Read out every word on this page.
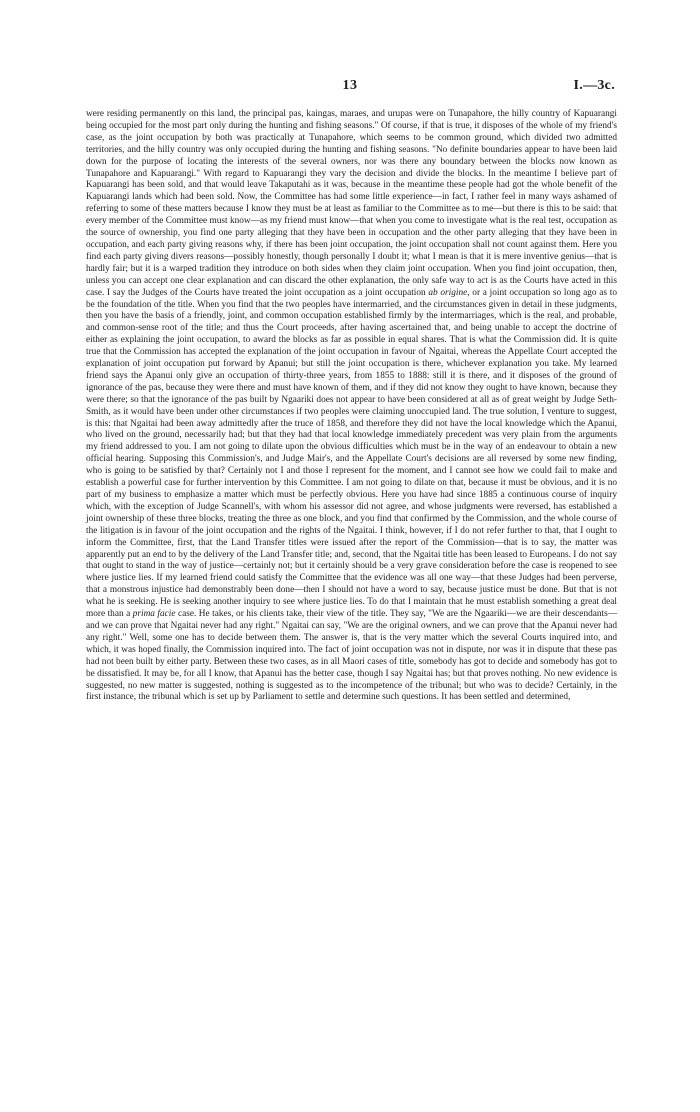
13	I.—3c.

were residing permanently on this land, the principal pas, kaingas, maraes, and urupas were on Tunapahore, the hilly country of Kapuarangi being occupied for the most part only during the hunting and fishing seasons." Of course, if that is true, it disposes of the whole of my friend's case, as the joint occupation by both was practically at Tunapahore, which seems to be common ground, which divided two admitted territories, and the hilly country was only occupied during the hunting and fishing seasons. "No definite boundaries appear to have been laid down for the purpose of locating the interests of the several owners, nor was there any boundary between the blocks now known as Tunapahore and Kapuarangi." With regard to Kapuarangi they vary the decision and divide the blocks. In the meantime I believe part of Kapuarangi has been sold, and that would leave Takaputahi as it was, because in the meantime these people had got the whole benefit of the Kapuarangi lands which had been sold. Now, the Committee has had some little experience—in fact, I rather feel in many ways ashamed of referring to some of these matters because I know they must be at least as familiar to the Committee as to me—but there is this to be said: that every member of the Committee must know—as my friend must know—that when you come to investigate what is the real test, occupation as the source of ownership, you find one party alleging that they have been in occupation and the other party alleging that they have been in occupation, and each party giving reasons why, if there has been joint occupation, the joint occupation shall not count against them. Here you find each party giving divers reasons—possibly honestly, though personally I doubt it; what I mean is that it is mere inventive genius—that is hardly fair; but it is a warped tradition they introduce on both sides when they claim joint occupation. When you find joint occupation, then, unless you can accept one clear explanation and can discard the other explanation, the only safe way to act is as the Courts have acted in this case. I say the Judges of the Courts have treated the joint occupation as a joint occupation ab origine, or a joint occupation so long ago as to be the foundation of the title. When you find that the two peoples have intermarried, and the circumstances given in detail in these judgments, then you have the basis of a friendly, joint, and common occupation established firmly by the intermarriages, which is the real, and probable, and common-sense root of the title; and thus the Court proceeds, after having ascertained that, and being unable to accept the doctrine of either as explaining the joint occupation, to award the blocks as far as possible in equal shares. That is what the Commission did. It is quite true that the Commission has accepted the explanation of the joint occupation in favour of Ngaitai, whereas the Appellate Court accepted the explanation of joint occupation put forward by Apanui; but still the joint occupation is there, whichever explanation you take. My learned friend says the Apanui only give an occupation of thirty-three years, from 1855 to 1888: still it is there, and it disposes of the ground of ignorance of the pas, because they were there and must have known of them, and if they did not know they ought to have known, because they were there; so that the ignorance of the pas built by Ngaariki does not appear to have been considered at all as of great weight by Judge Seth-Smith, as it would have been under other circumstances if two peoples were claiming unoccupied land. The true solution, I venture to suggest, is this: that Ngaitai had been away admittedly after the truce of 1858, and therefore they did not have the local knowledge which the Apanui, who lived on the ground, necessarily had; but that they had that local knowledge immediately precedent was very plain from the arguments my friend addressed to you. I am not going to dilate upon the obvious difficulties which must be in the way of an endeavour to obtain a new official hearing. Supposing this Commission's, and Judge Mair's, and the Appellate Court's decisions are all reversed by some new finding, who is going to be satisfied by that? Certainly not I and those I represent for the moment, and I cannot see how we could fail to make and establish a powerful case for further intervention by this Committee. I am not going to dilate on that, because it must be obvious, and it is no part of my business to emphasize a matter which must be perfectly obvious. Here you have had since 1885 a continuous course of inquiry which, with the exception of Judge Scannell's, with whom his assessor did not agree, and whose judgments were reversed, has established a joint ownership of these three blocks, treating the three as one block, and you find that confirmed by the Commission, and the whole course of the litigation is in favour of the joint occupation and the rights of the Ngaitai. I think, however, if I do not refer further to that, that I ought to inform the Committee, first, that the Land Transfer titles were issued after the report of the Commission—that is to say, the matter was apparently put an end to by the delivery of the Land Transfer title; and, second, that the Ngaitai title has been leased to Europeans. I do not say that ought to stand in the way of justice—certainly not; but it certainly should be a very grave consideration before the case is reopened to see where justice lies. If my learned friend could satisfy the Committee that the evidence was all one way—that these Judges had been perverse, that a monstrous injustice had demonstrably been done—then I should not have a word to say, because justice must be done. But that is not what he is seeking. He is seeking another inquiry to see where justice lies. To do that I maintain that he must establish something a great deal more than a prima facie case. He takes, or his clients take, their view of the title. They say, "We are the Ngaariki—we are their descendants—and we can prove that Ngaitai never had any right." Ngaitai can say, "We are the original owners, and we can prove that the Apanui never had any right." Well, some one has to decide between them. The answer is, that is the very matter which the several Courts inquired into, and which, it was hoped finally, the Commission inquired into. The fact of joint occupation was not in dispute, nor was it in dispute that these pas had not been built by either party. Between these two cases, as in all Maori cases of title, somebody has got to decide and somebody has got to be dissatisfied. It may be, for all I know, that Apanui has the better case, though I say Ngaitai has; but that proves nothing. No new evidence is suggested, no new matter is suggested, nothing is suggested as to the incompetence of the tribunal; but who was to decide? Certainly, in the first instance, the tribunal which is set up by Parliament to settle and determine such questions. It has been settled and determined,
